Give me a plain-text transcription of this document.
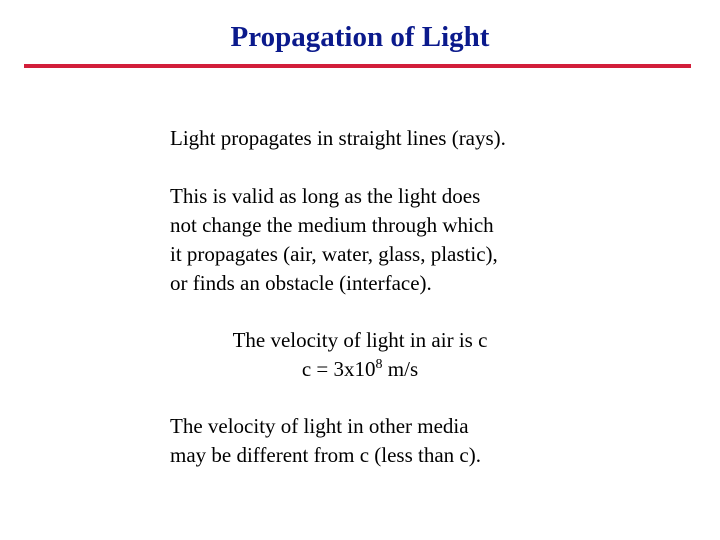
Propagation of Light

Light propagates in straight lines (rays).

This is valid as long as the light does
not change the medium through which
it propagates (air, water, glass, plastic),
or finds an obstacle (interface).

The velocity of light in air is c

$c = 3x10^8$ m/s

The velocity of light in other media
may be different from c (less than c).
